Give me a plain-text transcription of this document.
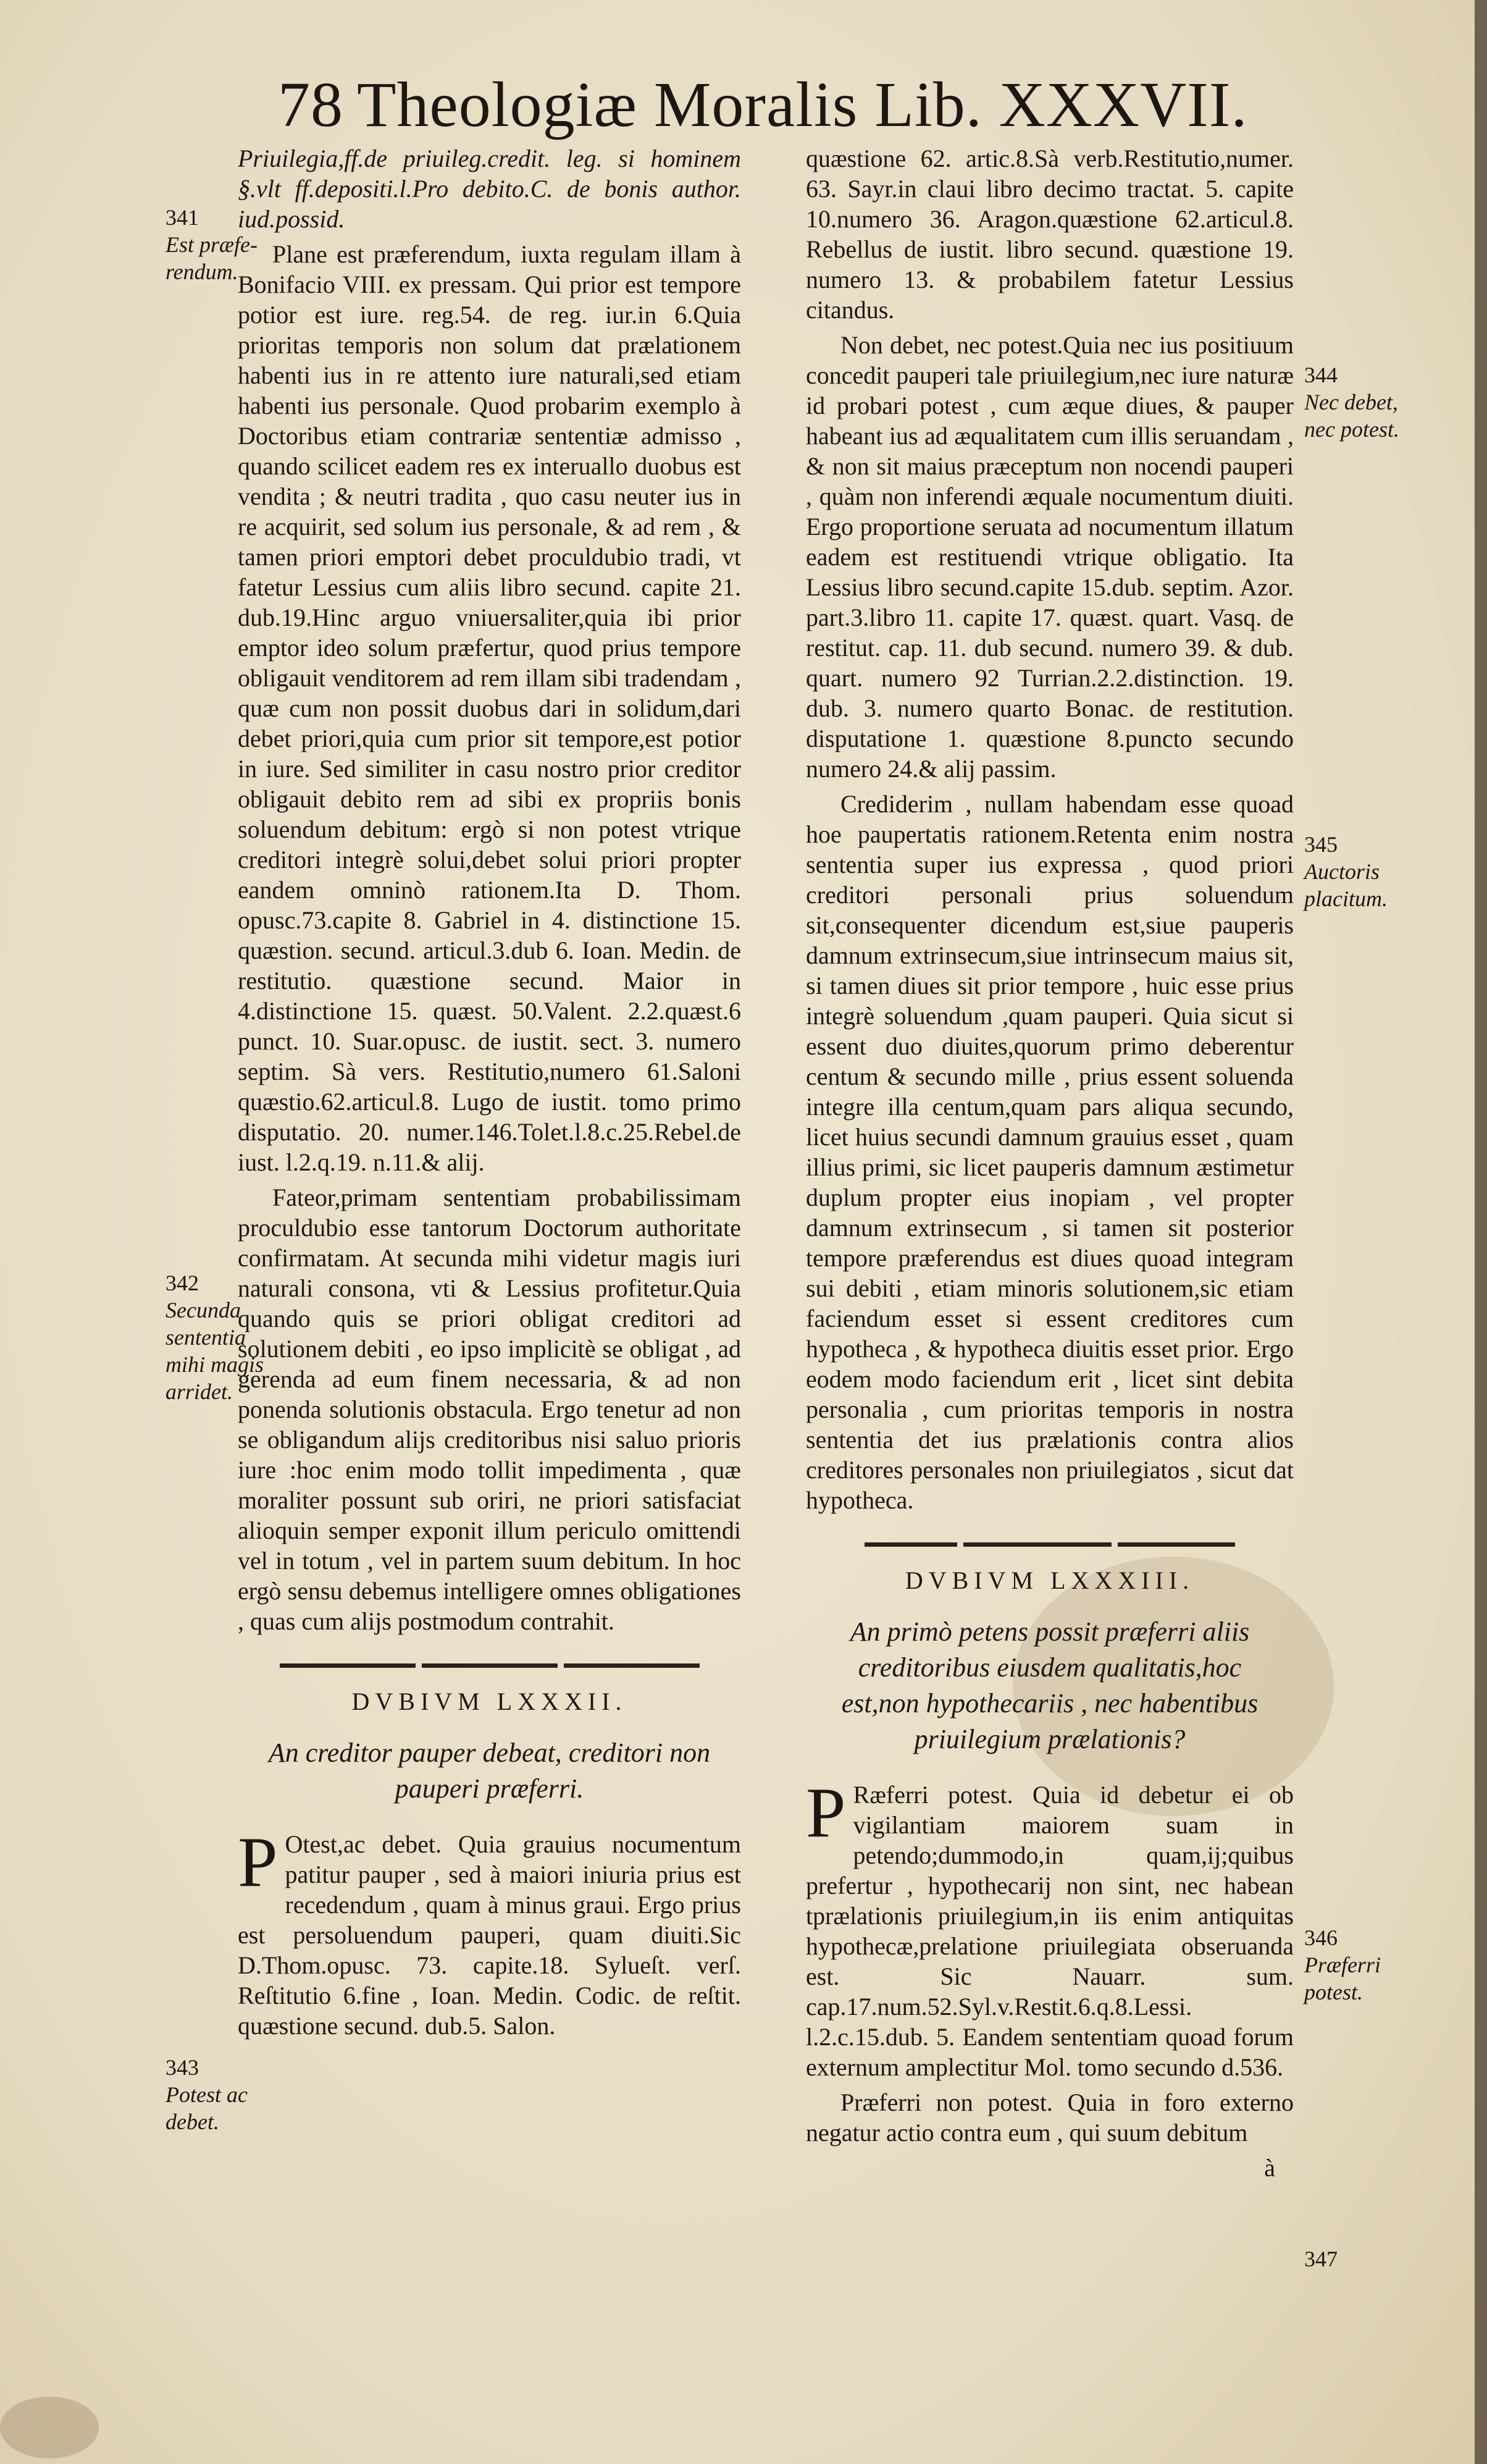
78 Theologiæ Moralis Lib. XXXVII.

Priuilegia,ff.de priuileg.credit. leg. si hominem §.vlt ff.depositi.l.Pro debito.C. de bonis author. iud.possid.

Plane est præferendum, iuxta regulam illam à Bonifacio VIII. ex pressam. Qui prior est tempore potior est iure. reg.54. de reg. iur.in 6.Quia prioritas temporis non solum dat prælationem habenti ius in re attento iure naturali,sed etiam habenti ius personale. Quod probarim exemplo à Doctoribus etiam contrariæ sententiæ admisso , quando scilicet eadem res ex interuallo duobus est vendita ; & neutri tradita , quo casu neuter ius in re acquirit, sed solum ius personale, & ad rem , & tamen priori emptori debet proculdubio tradi, vt fatetur Lessius cum aliis libro secund. capite 21. dub.19.Hinc arguo vniuersaliter,quia ibi prior emptor ideo solum præfertur, quod prius tempore obligauit venditorem ad rem illam sibi tradendam , quæ cum non possit duobus dari in solidum,dari debet priori,quia cum prior sit tempore,est potior in iure. Sed similiter in casu nostro prior creditor obligauit debito rem ad sibi ex propriis bonis soluendum debitum: ergò si non potest vtrique creditori integrè solui,debet solui priori propter eandem omninò rationem.Ita D. Thom. opusc.73.capite 8. Gabriel in 4. distinctione 15. quæstion. secund. articul.3.dub 6. Ioan. Medin. de restitutio. quæstione secund. Maior in 4.distinctione 15. quæst. 50.Valent. 2.2.quæst.6 punct. 10. Suar.opusc. de iustit. sect. 3. numero septim. Sà vers. Restitutio,numero 61.Saloni quæstio.62.articul.8. Lugo de iustit. tomo primo disputatio. 20. numer.146.Tolet.l.8.c.25.Rebel.de iust. l.2.q.19. n.11.& alij.

Fateor,primam sententiam probabilissimam proculdubio esse tantorum Doctorum authoritate confirmatam. At secunda mihi videtur magis iuri naturali consona, vti & Lessius profitetur.Quia quando quis se priori obligat creditori ad solutionem debiti , eo ipso implicitè se obligat , ad gerenda ad eum finem necessaria, & ad non ponenda solutionis obstacula. Ergo tenetur ad non se obligandum alijs creditoribus nisi saluo prioris iure :hoc enim modo tollit impedimenta , quæ moraliter possunt sub oriri, ne priori satisfaciat alioquin semper exponit illum periculo omittendi vel in totum , vel in partem suum debitum. In hoc ergò sensu debemus intelligere omnes obligationes , quas cum alijs postmodum contrahit.

DVBIVM LXXXII.
An creditor pauper debeat, creditori non pauperi præferri.

P Otest,ac debet. Quia grauius nocumentum patitur pauper , sed à maiori iniuria prius est recedendum , quam à minus graui. Ergo prius est persoluendum pauperi, quam diuiti.Sic D.Thom.opusc. 73. capite.18. Sylueſt. verſ. Reſtitutio 6.fine , Ioan. Medin. Codic. de reſtit. quæstione secund. dub.5. Salon.

quæstione 62. artic.8.Sà verb.Restitutio,numer. 63. Sayr.in claui libro decimo tractat. 5. capite 10.numero 36. Aragon.quæstione 62.articul.8. Rebellus de iustit. libro secund. quæstione 19. numero 13. & probabilem fatetur Lessius citandus.

Non debet, nec potest.Quia nec ius positiuum concedit pauperi tale priuilegium,nec iure naturæ id probari potest , cum æque diues, & pauper habeant ius ad æqualitatem cum illis seruandam , & non sit maius præceptum non nocendi pauperi , quàm non inferendi æquale nocumentum diuiti. Ergo proportione seruata ad nocumentum illatum eadem est restituendi vtrique obligatio. Ita Lessius libro secund.capite 15.dub. septim. Azor. part.3.libro 11. capite 17. quæst. quart. Vasq. de restitut. cap. 11. dub secund. numero 39. & dub. quart. numero 92 Turrian.2.2.distinction. 19. dub. 3. numero quarto Bonac. de restitution. disputatione 1. quæstione 8.puncto secundo numero 24.& alij passim.

Crediderim , nullam habendam esse quoad hoe paupertatis rationem.Retenta enim nostra sententia super ius expressa , quod priori creditori personali prius soluendum sit,consequenter dicendum est,siue pauperis damnum extrinsecum,siue intrinsecum maius sit, si tamen diues sit prior tempore , huic esse prius integrè soluendum ,quam pauperi. Quia sicut si essent duo diuites,quorum primo deberentur centum & secundo mille , prius essent soluenda integre illa centum,quam pars aliqua secundo, licet huius secundi damnum grauius esset , quam illius primi, sic licet pauperis damnum æstimetur duplum propter eius inopiam , vel propter damnum extrinsecum , si tamen sit posterior tempore præferendus est diues quoad integram sui debiti , etiam minoris solutionem,sic etiam faciendum esset si essent creditores cum hypotheca , & hypotheca diuitis esset prior. Ergo eodem modo faciendum erit , licet sint debita personalia , cum prioritas temporis in nostra sententia det ius prælationis contra alios creditores personales non priuilegiatos , sicut dat hypotheca.

DVBIVM LXXXIII.
An primò petens possit præferri aliis creditoribus eiusdem qualitatis,hoc est,non hypothecariis , nec habentibus priuilegium prælationis?

P Ræferri potest. Quia id debetur ei ob vigilantiam maiorem suam in petendo;dummodo,in quam,ij;quibus prefertur , hypothecarij non sint, nec habean tprælationis priuilegium,in iis enim antiquitas hypothecæ,prelatione priuilegiata obseruanda est. Sic Nauarr. sum. cap.17.num.52.Syl.v.Restit.6.q.8.Lessi. l.2.c.15.dub. 5. Eandem sententiam quoad forum externum amplectitur Mol. tomo secundo d.536.

Præferri non potest. Quia in foro externo negatur actio contra eum , qui suum debitum

à
341
Est præfe-
rendum.
342
Secunda
sententia
mihi magis
arridet.
343
Potest ac
debet.
344
Nec debet,
nec potest.
345
Auctoris
placitum.
346
Præferri
potest.
347
